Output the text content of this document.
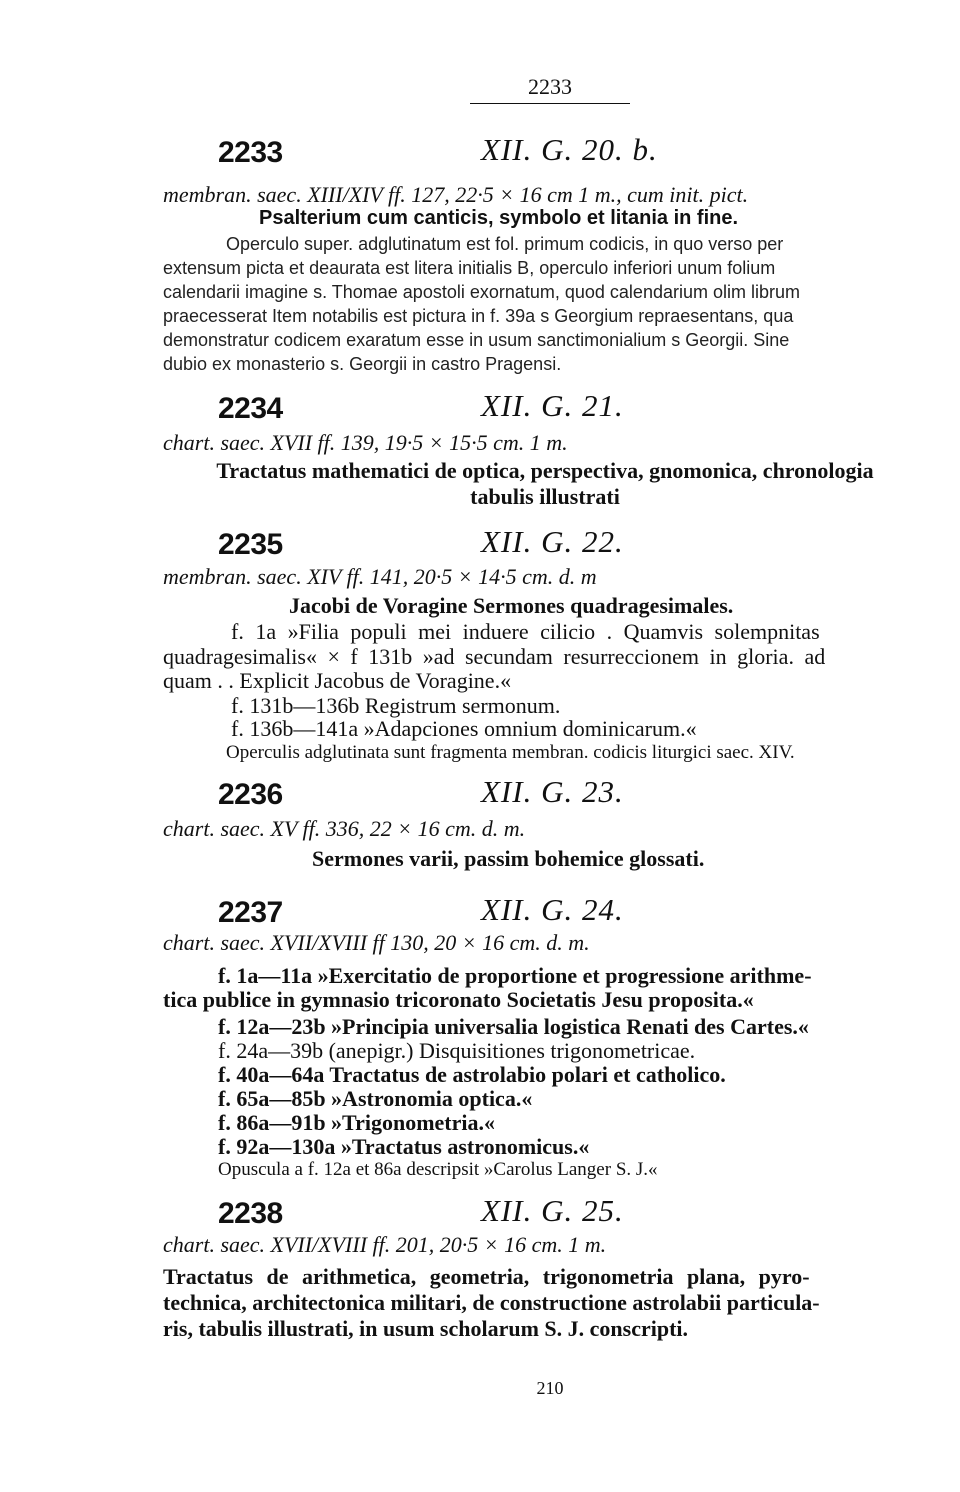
2233
2233	XII. G. 20. b.
membran. saec. XIII/XIV ff. 127, 22·5 × 16 cm 1 m., cum init. pict.
Psalterium cum canticis, symbolo et litania in fine.
Operculo super. adglutinatum est fol. primum codicis, in quo verso per
extensum picta et deaurata est litera initialis B, operculo inferiori unum folium
calendarii imagine s. Thomae apostoli exornatum, quod calendarium olim librum
praecesserat Item notabilis est pictura in f. 39a s Georgium repraesentans, qua
demonstratur codicem exaratum esse in usum sanctimonialium s Georgii. Sine
dubio ex monasterio s. Georgii in castro Pragensi.
2234	XII. G. 21.
chart. saec. XVII ff. 139, 19·5 × 15·5 cm. 1 m.
Tractatus mathematici de optica, perspectiva, gnomonica, chronologia
tabulis illustrati
2235	XII. G. 22.
membran. saec. XIV ff. 141, 20·5 × 14·5 cm. d. m
Jacobi de Voragine Sermones quadragesimales.
f. 1a »Filia populi mei induere cilicio . Quamvis solempnitas
quadragesimalis« × f 131b »ad secundam resurreccionem in gloria. ad
quam . . Explicit Jacobus de Voragine.«
f. 131b—136b Registrum sermonum.
f. 136b—141a »Adapciones omnium dominicarum.«
Operculis adglutinata sunt fragmenta membran. codicis liturgici saec. XIV.
2236	XII. G. 23.
chart. saec. XV ff. 336, 22 × 16 cm. d. m.
Sermones varii, passim bohemice glossati.
2237	XII. G. 24.
chart. saec. XVII/XVIII ff 130, 20 × 16 cm. d. m.
f. 1a—11a »Exercitatio de proportione et progressione arithme-
tica publice in gymnasio tricoronato Societatis Jesu proposita.«
f. 12a—23b »Principia universalia logistica Renati des Cartes.«
f. 24a—39b (anepigr.) Disquisitiones trigonometricae.
f. 40a—64a Tractatus de astrolabio polari et catholico.
f. 65a—85b »Astronomia optica.«
f. 86a—91b »Trigonometria.«
f. 92a—130a »Tractatus astronomicus.«
Opuscula a f. 12a et 86a descripsit »Carolus Langer S. J.«
2238	XII. G. 25.
chart. saec. XVII/XVIII ff. 201, 20·5 × 16 cm. 1 m.
Tractatus de arithmetica, geometria, trigonometria plana, pyro-
technica, architectonica militari, de constructione astrolabii particula-
ris, tabulis illustrati, in usum scholarum S. J. conscripti.
210
